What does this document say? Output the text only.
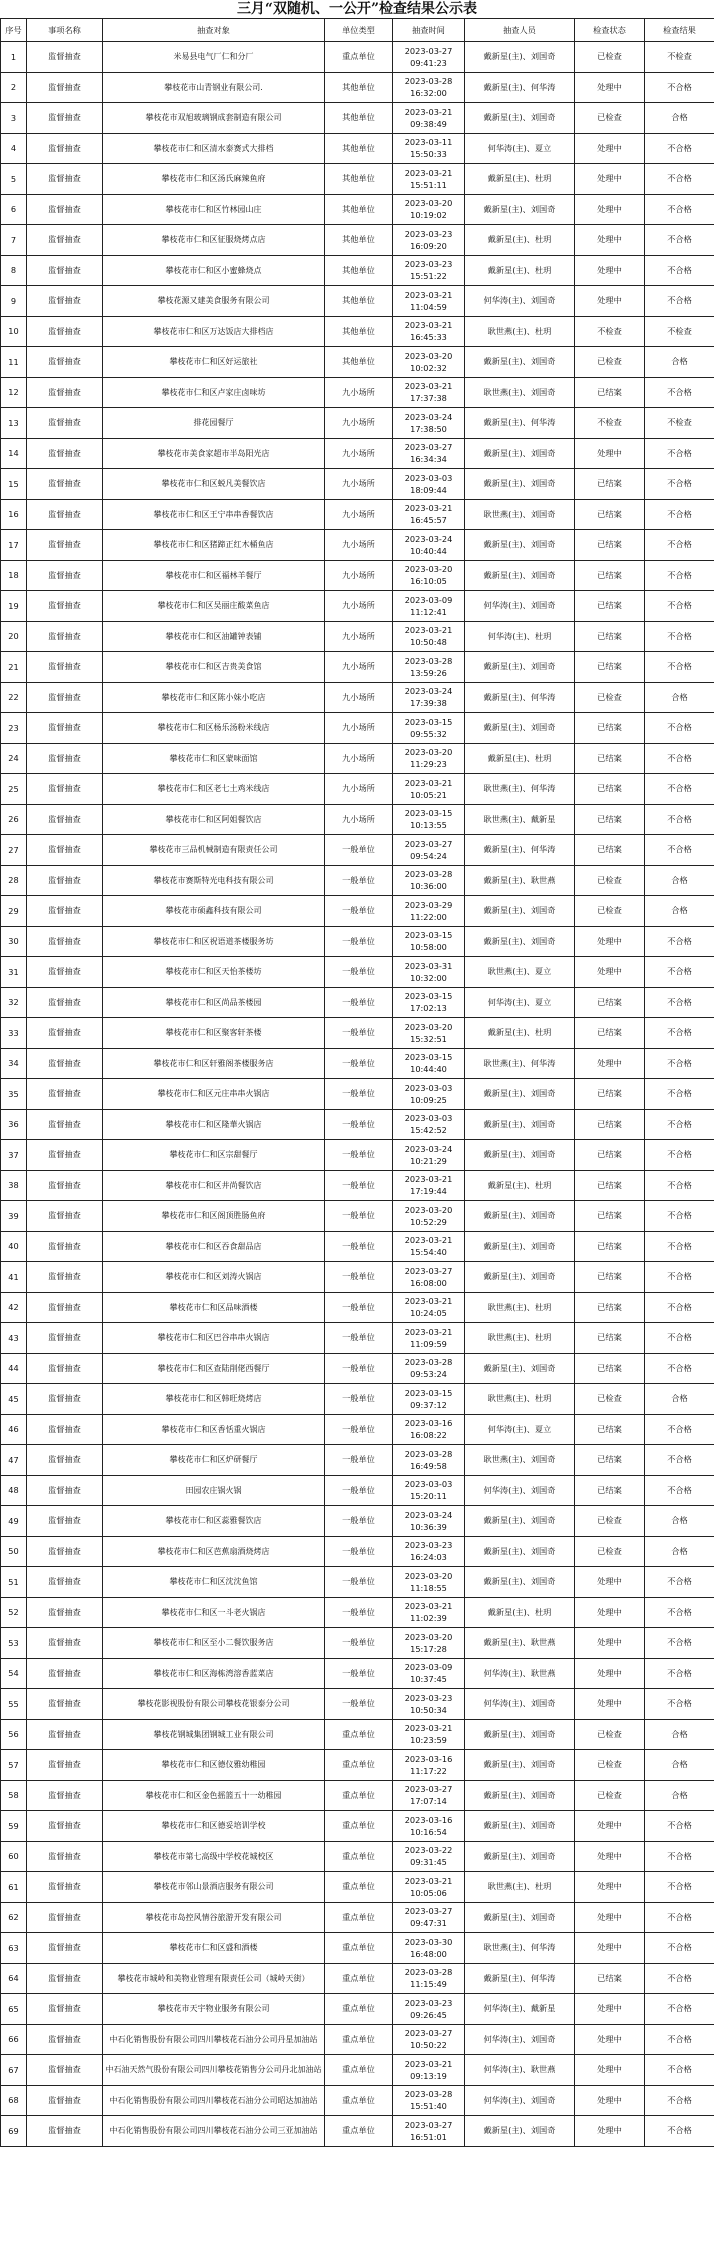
三月“双随机、一公开”检查结果公示表
序号	事项名称	抽查对象	单位类型	抽查时间	抽查人员	检查状态	检查结果
1	监督抽查	米易县电气厂仁和分厂	重点单位	2023-03-27
09:41:23	戴新星(主)、刘国奇	已检查	不检查
2	监督抽查	攀枝花市山青钢业有限公司.	其他单位	2023-03-28
16:32:00	戴新星(主)、何华涛	处理中	不合格
3	监督抽查	攀枝花市双旭玻璃钢成套制造有限公司	其他单位	2023-03-21
09:38:49	戴新星(主)、刘国奇	已检查	合格
4	监督抽查	攀枝花市仁和区清水泰赛式大排档	其他单位	2023-03-11
15:50:33	何华涛(主)、夏立	处理中	不合格
5	监督抽查	攀枝花市仁和区汤氏麻辣鱼府	其他单位	2023-03-21
15:51:11	戴新星(主)、杜玥	处理中	不合格
6	监督抽查	攀枝花市仁和区竹林园山庄	其他单位	2023-03-20
10:19:02	戴新星(主)、刘国奇	处理中	不合格
7	监督抽查	攀枝花市仁和区征服烧烤点店	其他单位	2023-03-23
16:09:20	戴新星(主)、杜玥	处理中	不合格
8	监督抽查	攀枝花市仁和区小蜜蜂烧点	其他单位	2023-03-23
15:51:22	戴新星(主)、杜玥	处理中	不合格
9	监督抽查	攀枝花源又建美食服务有限公司	其他单位	2023-03-21
11:04:59	何华涛(主)、刘国奇	处理中	不合格
10	监督抽查	攀枝花市仁和区万达饭店大排档店	其他单位	2023-03-21
16:45:33	耿世燕(主)、杜玥	不检查	不检查
11	监督抽查	攀枝花市仁和区好运旅社	其他单位	2023-03-20
10:02:32	戴新星(主)、刘国奇	已检查	合格
12	监督抽查	攀枝花市仁和区卢家庄卤味坊	九小场所	2023-03-21
17:37:38	耿世燕(主)、刘国奇	已结案	不合格
13	监督抽查	排花园餐厅	九小场所	2023-03-24
17:38:50	戴新星(主)、何华涛	不检查	不检查
14	监督抽查	攀枝花市美食家超市半岛阳光店	九小场所	2023-03-27
16:34:34	戴新星(主)、刘国奇	处理中	不合格
15	监督抽查	攀枝花市仁和区蜕凡美餐饮店	九小场所	2023-03-03
18:09:44	戴新星(主)、刘国奇	已结案	不合格
16	监督抽查	攀枝花市仁和区王宁串串香餐饮店	九小场所	2023-03-21
16:45:57	耿世燕(主)、刘国奇	已结案	不合格
17	监督抽查	攀枝花市仁和区猪蹄正红木桶鱼店	九小场所	2023-03-24
10:40:44	戴新星(主)、刘国奇	已结案	不合格
18	监督抽查	攀枝花市仁和区福林羊餐厅	九小场所	2023-03-20
16:10:05	戴新星(主)、刘国奇	已结案	不合格
19	监督抽查	攀枝花市仁和区吴丽庄酸菜鱼店	九小场所	2023-03-09
11:12:41	何华涛(主)、刘国奇	已结案	不合格
20	监督抽查	攀枝花市仁和区油罐钟表铺	九小场所	2023-03-21
10:50:48	何华涛(主)、杜玥	已结案	不合格
21	监督抽查	攀枝花市仁和区吉贵美食馆	九小场所	2023-03-28
13:59:26	戴新星(主)、刘国奇	已结案	不合格
22	监督抽查	攀枝花市仁和区陈小妹小吃店	九小场所	2023-03-24
17:39:38	戴新星(主)、何华涛	已检查	合格
23	监督抽查	攀枝花市仁和区杨乐汤粉米线店	九小场所	2023-03-15
09:55:32	戴新星(主)、刘国奇	已结案	不合格
24	监督抽查	攀枝花市仁和区蒙味面馆	九小场所	2023-03-20
11:29:23	戴新星(主)、杜玥	已结案	不合格
25	监督抽查	攀枝花市仁和区老七土鸡米线店	九小场所	2023-03-21
10:05:21	耿世燕(主)、何华涛	已结案	不合格
26	监督抽查	攀枝花市仁和区阿姐餐饮店	九小场所	2023-03-15
10:13:55	耿世燕(主)、戴新星	已结案	不合格
27	监督抽查	攀枝花市三品机械制造有限责任公司	一般单位	2023-03-27
09:54:24	戴新星(主)、何华涛	已结案	不合格
28	监督抽查	攀枝花市赛斯特光电科技有限公司	一般单位	2023-03-28
10:36:00	戴新星(主)、耿世燕	已检查	合格
29	监督抽查	攀枝花市硕鑫科技有限公司	一般单位	2023-03-29
11:22:00	戴新星(主)、刘国奇	已检查	合格
30	监督抽查	攀枝花市仁和区祝语道茶楼服务坊	一般单位	2023-03-15
10:58:00	戴新星(主)、刘国奇	处理中	不合格
31	监督抽查	攀枝花市仁和区天怡茶楼坊	一般单位	2023-03-31
10:32:00	耿世燕(主)、夏立	处理中	不合格
32	监督抽查	攀枝花市仁和区尚品茶楼园	一般单位	2023-03-15
17:02:13	何华涛(主)、夏立	已结案	不合格
33	监督抽查	攀枝花市仁和区聚客轩茶楼	一般单位	2023-03-20
15:32:51	戴新星(主)、杜玥	已结案	不合格
34	监督抽查	攀枝花市仁和区轩雅阁茶楼服务店	一般单位	2023-03-15
10:44:40	耿世燕(主)、何华涛	处理中	不合格
35	监督抽查	攀枝花市仁和区元庄串串火锅店	一般单位	2023-03-03
10:09:25	戴新星(主)、刘国奇	已结案	不合格
36	监督抽查	攀枝花市仁和区隆華火锅店	一般单位	2023-03-03
15:42:52	戴新星(主)、刘国奇	已结案	不合格
37	监督抽查	攀枝花市仁和区宗甜餐厅	一般单位	2023-03-24
10:21:29	戴新星(主)、刘国奇	已结案	不合格
38	监督抽查	攀枝花市仁和区井尚餐饮店	一般单位	2023-03-21
17:19:44	戴新星(主)、杜玥	已结案	不合格
39	监督抽查	攀枝花市仁和区阁顶胜肠鱼府	一般单位	2023-03-20
10:52:29	戴新星(主)、刘国奇	已结案	不合格
40	监督抽查	攀枝花市仁和区吞食甜品店	一般单位	2023-03-21
15:54:40	戴新星(主)、刘国奇	已结案	不合格
41	监督抽查	攀枝花市仁和区刘涛火锅店	一般单位	2023-03-27
16:08:00	戴新星(主)、刘国奇	已结案	不合格
42	监督抽查	攀枝花市仁和区品味酒楼	一般单位	2023-03-21
10:24:05	耿世燕(主)、杜玥	已结案	不合格
43	监督抽查	攀枝花市仁和区巴谷串串火锅店	一般单位	2023-03-21
11:09:59	耿世燕(主)、杜玥	已结案	不合格
44	监督抽查	攀枝花市仁和区查陆削佬西餐厅	一般单位	2023-03-28
09:53:24	戴新星(主)、刘国奇	已结案	不合格
45	监督抽查	攀枝花市仁和区韩旺烧烤店	一般单位	2023-03-15
09:37:12	耿世燕(主)、杜玥	已检查	合格
46	监督抽查	攀枝花市仁和区香恬重火锅店	一般单位	2023-03-16
16:08:22	何华涛(主)、夏立	已结案	不合格
47	监督抽查	攀枝花市仁和区炉研餐厅	一般单位	2023-03-28
16:49:58	耿世燕(主)、刘国奇	已结案	不合格
48	监督抽查	田园农庄锅火锅	一般单位	2023-03-03
15:20:11	何华涛(主)、刘国奇	已结案	不合格
49	监督抽查	攀枝花市仁和区蕊雅餐饮店	一般单位	2023-03-24
10:36:39	戴新星(主)、刘国奇	已检查	合格
50	监督抽查	攀枝花市仁和区芭蕉扇酒烧烤店	一般单位	2023-03-23
16:24:03	戴新星(主)、刘国奇	已检查	合格
51	监督抽查	攀枝花市仁和区沈沈鱼馆	一般单位	2023-03-20
11:18:55	戴新星(主)、刘国奇	处理中	不合格
52	监督抽查	攀枝花市仁和区一斗老火锅店	一般单位	2023-03-21
11:02:39	戴新星(主)、杜玥	处理中	不合格
53	监督抽查	攀枝花市仁和区至小二餐饮服务店	一般单位	2023-03-20
15:17:28	戴新星(主)、耿世燕	处理中	不合格
54	监督抽查	攀枝花市仁和区海栋湾溶香蓝菜店	一般单位	2023-03-09
10:37:45	何华涛(主)、耿世燕	处理中	不合格
55	监督抽查	攀枝花影视股份有限公司攀枝花银泰分公司	一般单位	2023-03-23
10:50:34	何华涛(主)、刘国奇	处理中	不合格
56	监督抽查	攀枝花钢城集团钢城工业有限公司	重点单位	2023-03-21
10:23:59	戴新星(主)、刘国奇	已检查	合格
57	监督抽查	攀枝花市仁和区德仪雅幼稚园	重点单位	2023-03-16
11:17:22	戴新星(主)、刘国奇	已检查	合格
58	监督抽查	攀枝花市仁和区金色摇篮五十一幼稚园	重点单位	2023-03-27
17:07:14	戴新星(主)、刘国奇	已检查	合格
59	监督抽查	攀枝花市仁和区德妥培训学校	重点单位	2023-03-16
10:16:54	戴新星(主)、刘国奇	处理中	不合格
60	监督抽查	攀枝花市第七高级中学校花城校区	重点单位	2023-03-22
09:31:45	戴新星(主)、刘国奇	处理中	不合格
61	监督抽查	攀枝花市邻山景酒店服务有限公司	重点单位	2023-03-21
10:05:06	耿世燕(主)、杜玥	处理中	不合格
62	监督抽查	攀枝花市岛控风情谷旅游开发有限公司	重点单位	2023-03-27
09:47:31	戴新星(主)、刘国奇	处理中	不合格
63	监督抽查	攀枝花市仁和区盛和酒楼	重点单位	2023-03-30
16:48:00	耿世燕(主)、何华涛	处理中	不合格
64	监督抽查	攀枝花市城岭和美物业管理有限责任公司（城岭天街）	重点单位	2023-03-28
11:15:49	戴新星(主)、何华涛	已结案	不合格
65	监督抽查	攀枝花市天宇物业服务有限公司	重点单位	2023-03-23
09:26:45	何华涛(主)、戴新星	处理中	不合格
66	监督抽查	中石化销售股份有限公司四川攀枝花石油分公司丹星加油站	重点单位	2023-03-27
10:50:22	何华涛(主)、刘国奇	处理中	不合格
67	监督抽查	中石油天然气股份有限公司四川攀枝花销售分公司丹北加油站	重点单位	2023-03-21
09:13:19	何华涛(主)、耿世燕	处理中	不合格
68	监督抽查	中石化销售股份有限公司四川攀枝花石油分公司昭达加油站	重点单位	2023-03-28
15:51:40	何华涛(主)、刘国奇	处理中	不合格
69	监督抽查	中石化销售股份有限公司四川攀枝花石油分公司三亚加油站	重点单位	2023-03-27
16:51:01	戴新星(主)、刘国奇	处理中	不合格
